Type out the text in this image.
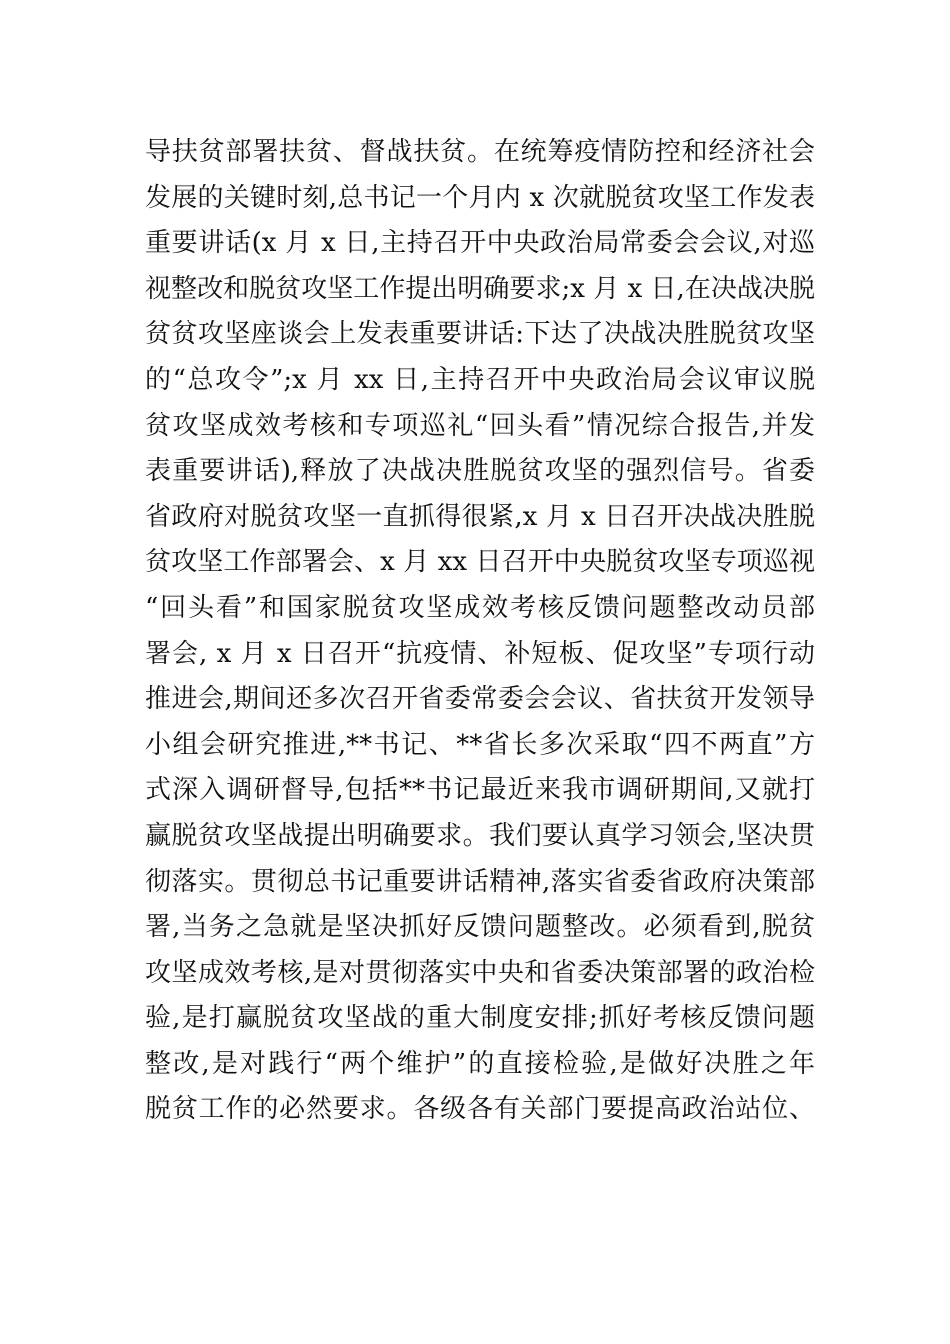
导扶贫部署扶贫、督战扶贫。在统筹疫情防控和经济社会
发展的关键时刻,总书记一个月内 x 次就脱贫攻坚工作发表
重要讲话(x 月 x 日,主持召开中央政治局常委会会议,对巡
视整改和脱贫攻坚工作提出明确要求;x 月 x 日,在决战决脱
贫贫攻坚座谈会上发表重要讲话:下达了决战决胜脱贫攻坚
的“总攻令”;x 月 xx 日,主持召开中央政治局会议审议脱
贫攻坚成效考核和专项巡礼“回头看”情况综合报告,并发
表重要讲话),释放了决战决胜脱贫攻坚的强烈信号。省委
省政府对脱贫攻坚一直抓得很紧,x 月 x 日召开决战决胜脱
贫攻坚工作部署会、x 月 xx 日召开中央脱贫攻坚专项巡视
“回头看”和国家脱贫攻坚成效考核反馈问题整改动员部
署会, x 月 x 日召开“抗疫情、补短板、促攻坚”专项行动
推进会,期间还多次召开省委常委会会议、省扶贫开发领导
小组会研究推进,**书记、**省长多次采取“四不两直”方
式深入调研督导,包括**书记最近来我市调研期间,又就打
赢脱贫攻坚战提出明确要求。我们要认真学习领会,坚决贯
彻落实。贯彻总书记重要讲话精神,落实省委省政府决策部
署,当务之急就是坚决抓好反馈问题整改。必须看到,脱贫
攻坚成效考核,是对贯彻落实中央和省委决策部署的政治检
验,是打赢脱贫攻坚战的重大制度安排;抓好考核反馈问题
整改,是对践行“两个维护”的直接检验,是做好决胜之年
脱贫工作的必然要求。各级各有关部门要提高政治站位、
